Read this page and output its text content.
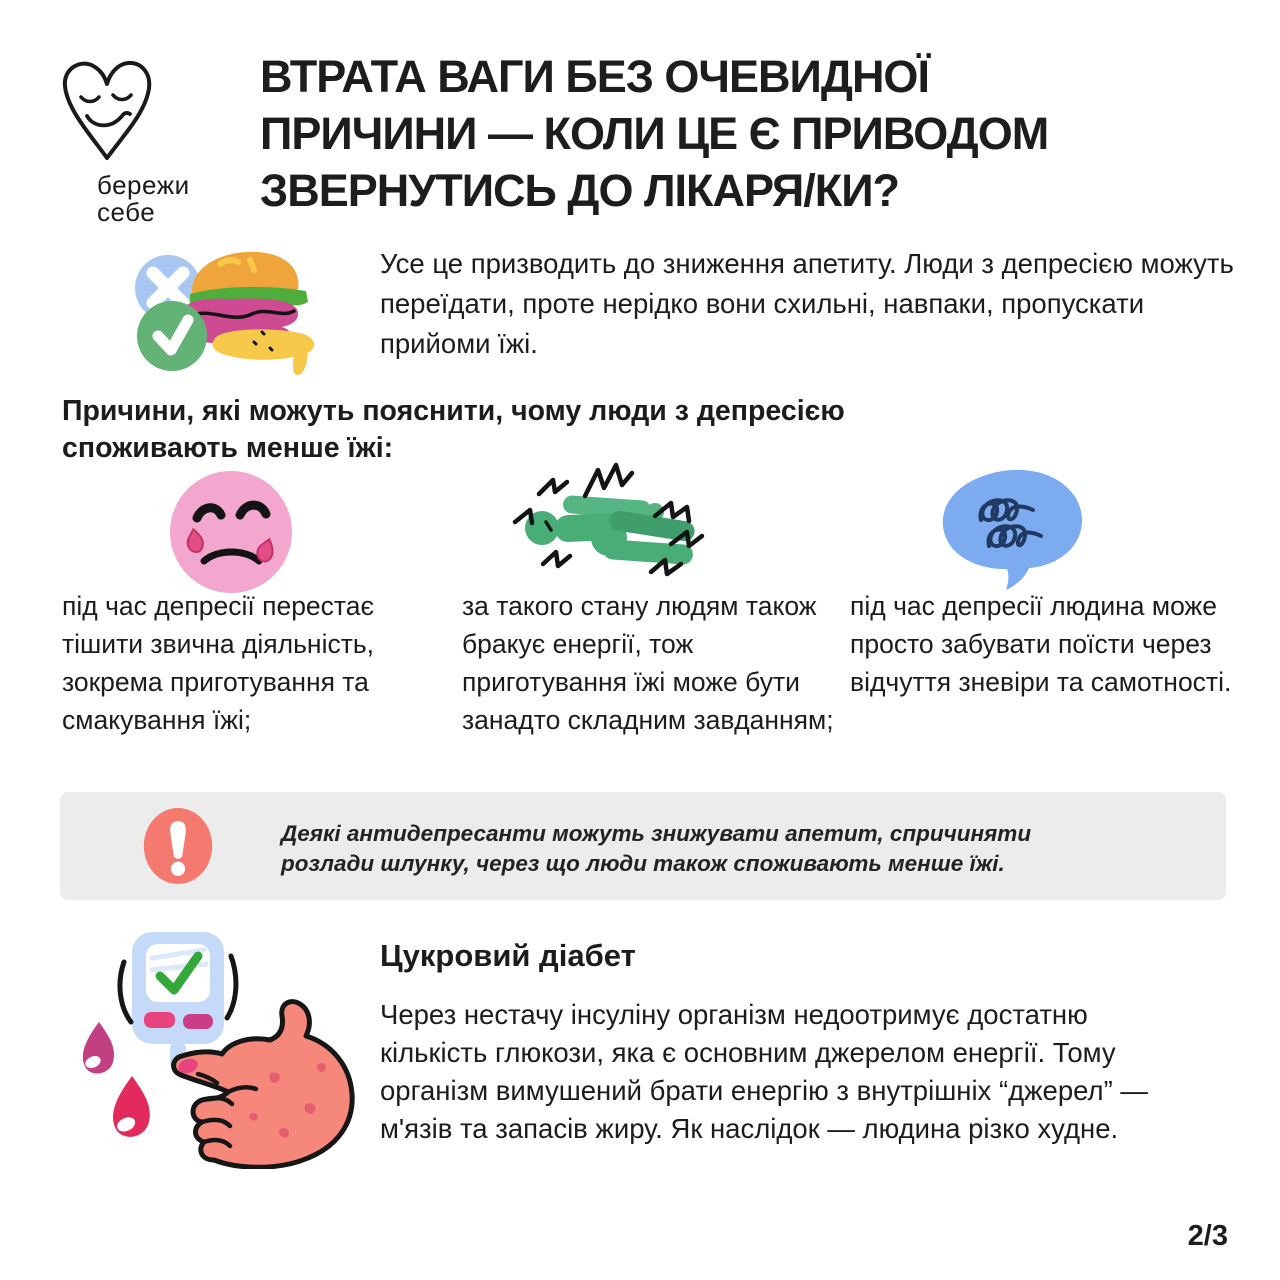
бережи
себе
ВТРАТА ВАГИ БЕЗ ОЧЕВИДНОЇ
ПРИЧИНИ — КОЛИ ЦЕ Є ПРИВОДОМ
ЗВЕРНУТИСЬ ДО ЛІКАРЯ/КИ?
Усе це призводить до зниження апетиту. Люди з депресією можуть переїдати, проте нерідко вони схильні, навпаки, пропускати прийоми їжі.
Причини, які можуть пояснити, чому люди з депресією споживають менше їжі:
під час депресії перестає тішити звична діяльність, зокрема приготування та смакування їжі;
за такого стану людям також бракує енергії, тож приготування їжі може бути занадто складним завданням;
під час депресії людина може просто забувати поїсти через відчуття зневіри та самотності.
Деякі антидепресанти можуть знижувати апетит, спричиняти розлади шлунку, через що люди також споживають менше їжі.
Цукровий діабет
Через нестачу інсуліну організм недоотримує достатню кількість глюкози, яка є основним джерелом енергії. Тому організм вимушений брати енергію з внутрішніх “джерел” — м'язів та запасів жиру. Як наслідок — людина різко худне.
2/3
